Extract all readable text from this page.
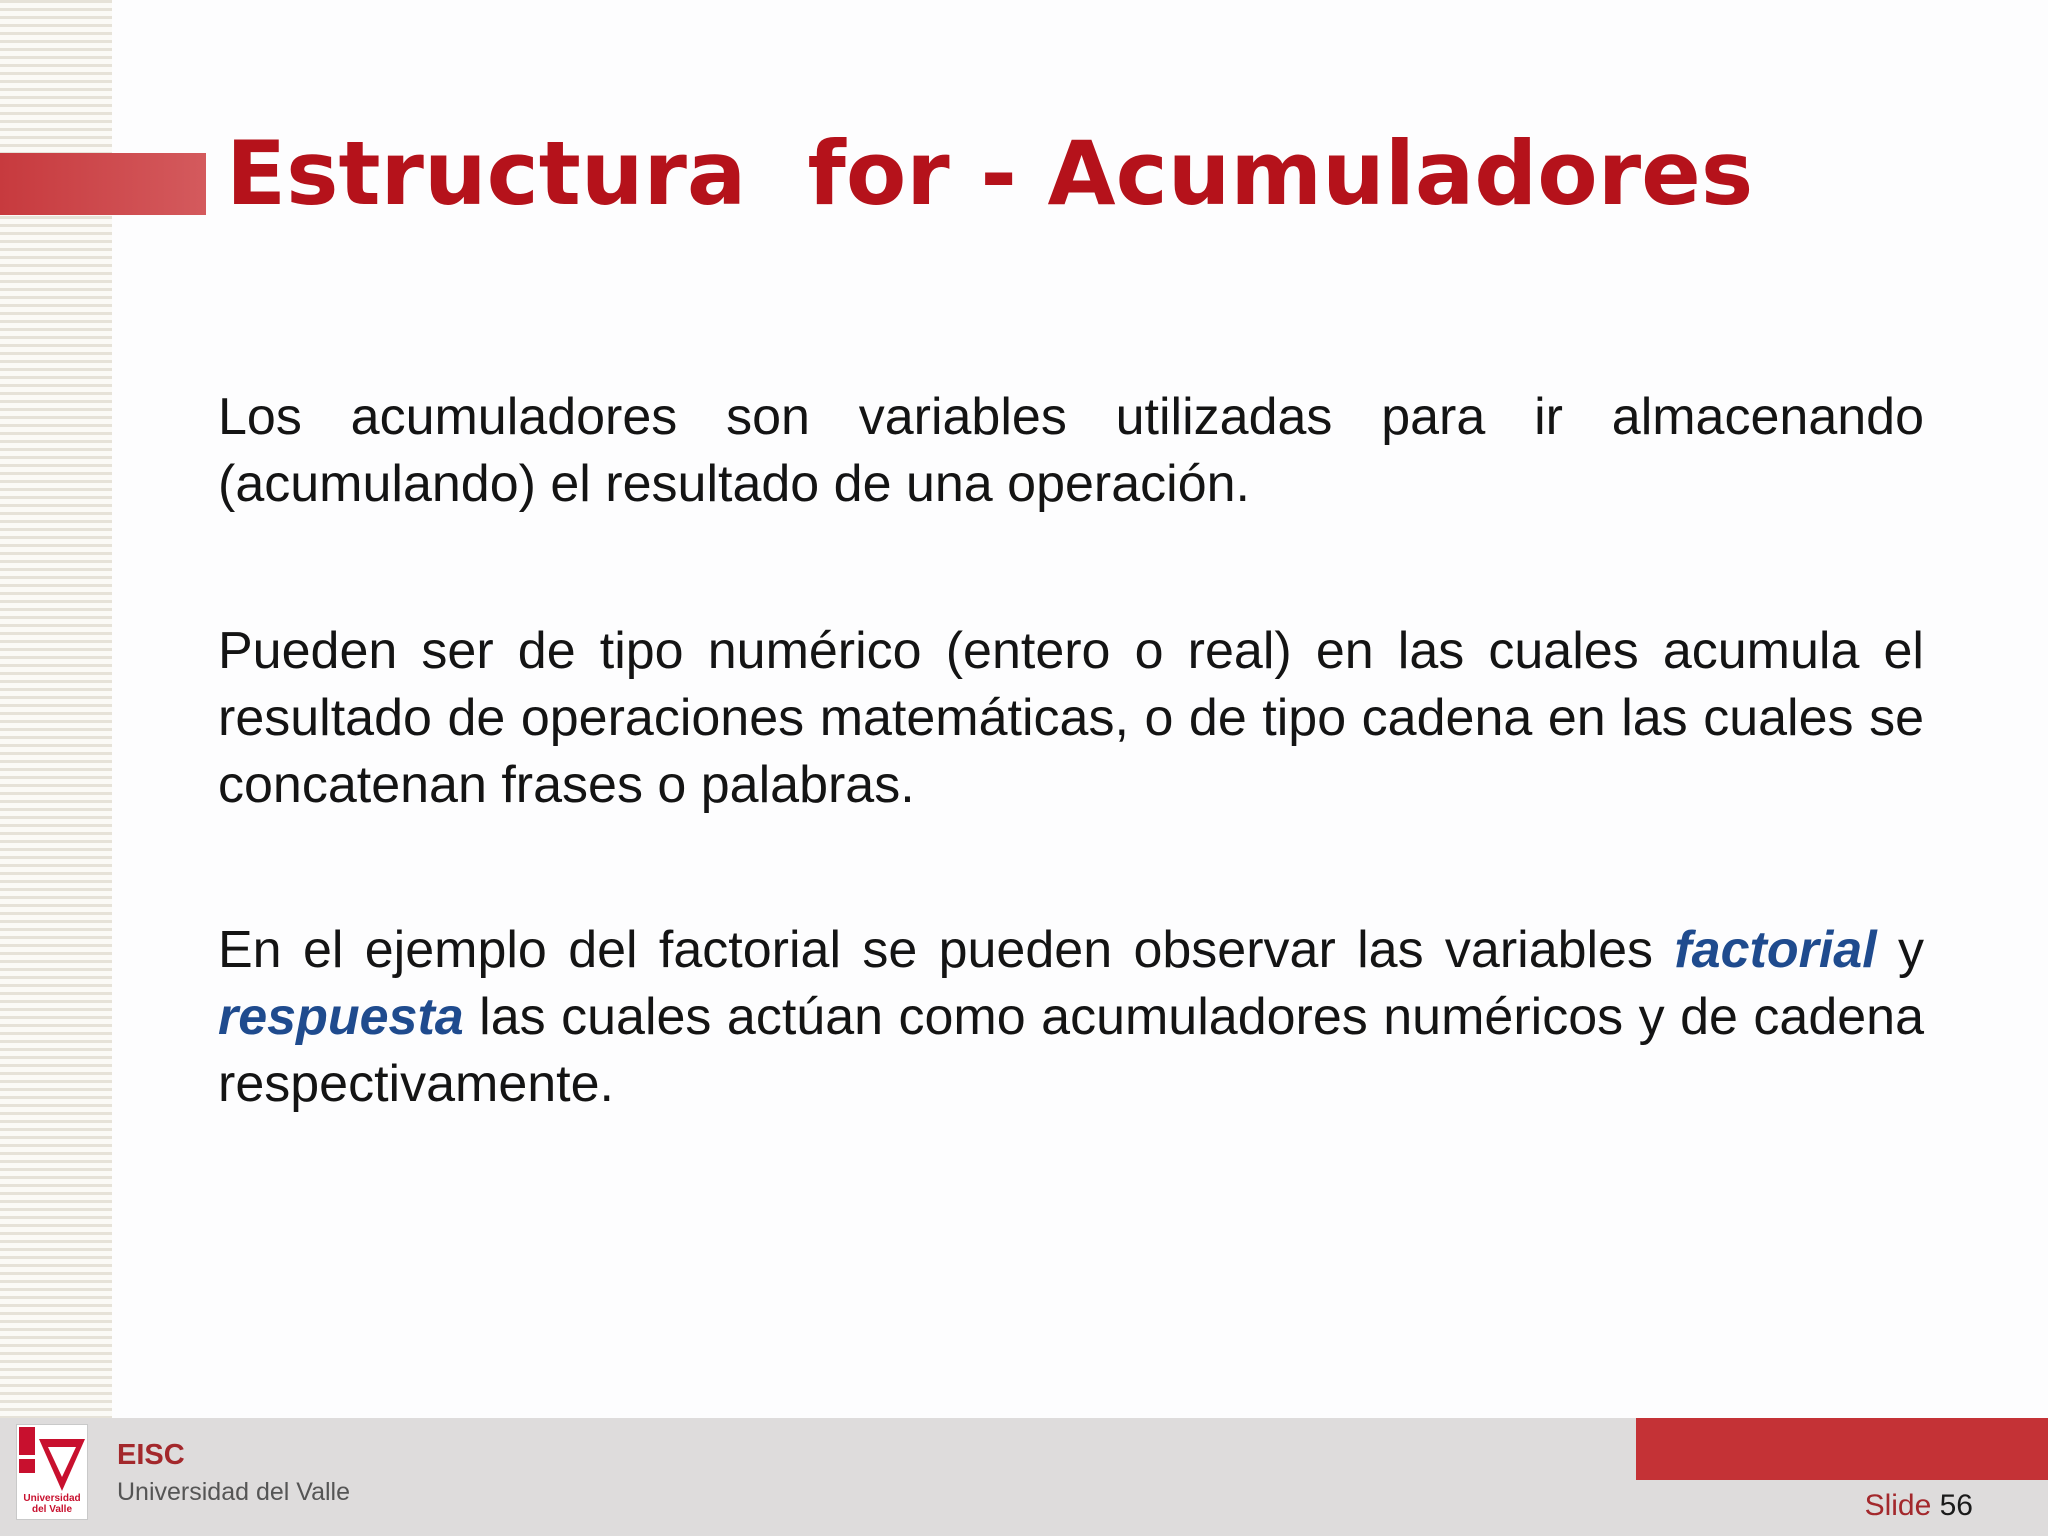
Estructura  for - Acumuladores

Los acumuladores son variables utilizadas para ir almacenando (acumulando) el resultado de una operación.

Pueden ser de tipo numérico (entero o real) en las cuales acumula el resultado de operaciones matemáticas, o de tipo cadena en las cuales se concatenan frases o palabras.

En el ejemplo del factorial se pueden observar las variables factorial y respuesta las cuales actúan como acumuladores numéricos y de cadena respectivamente.

Universidad
del Valle
EISC
Universidad del Valle	Slide 56
